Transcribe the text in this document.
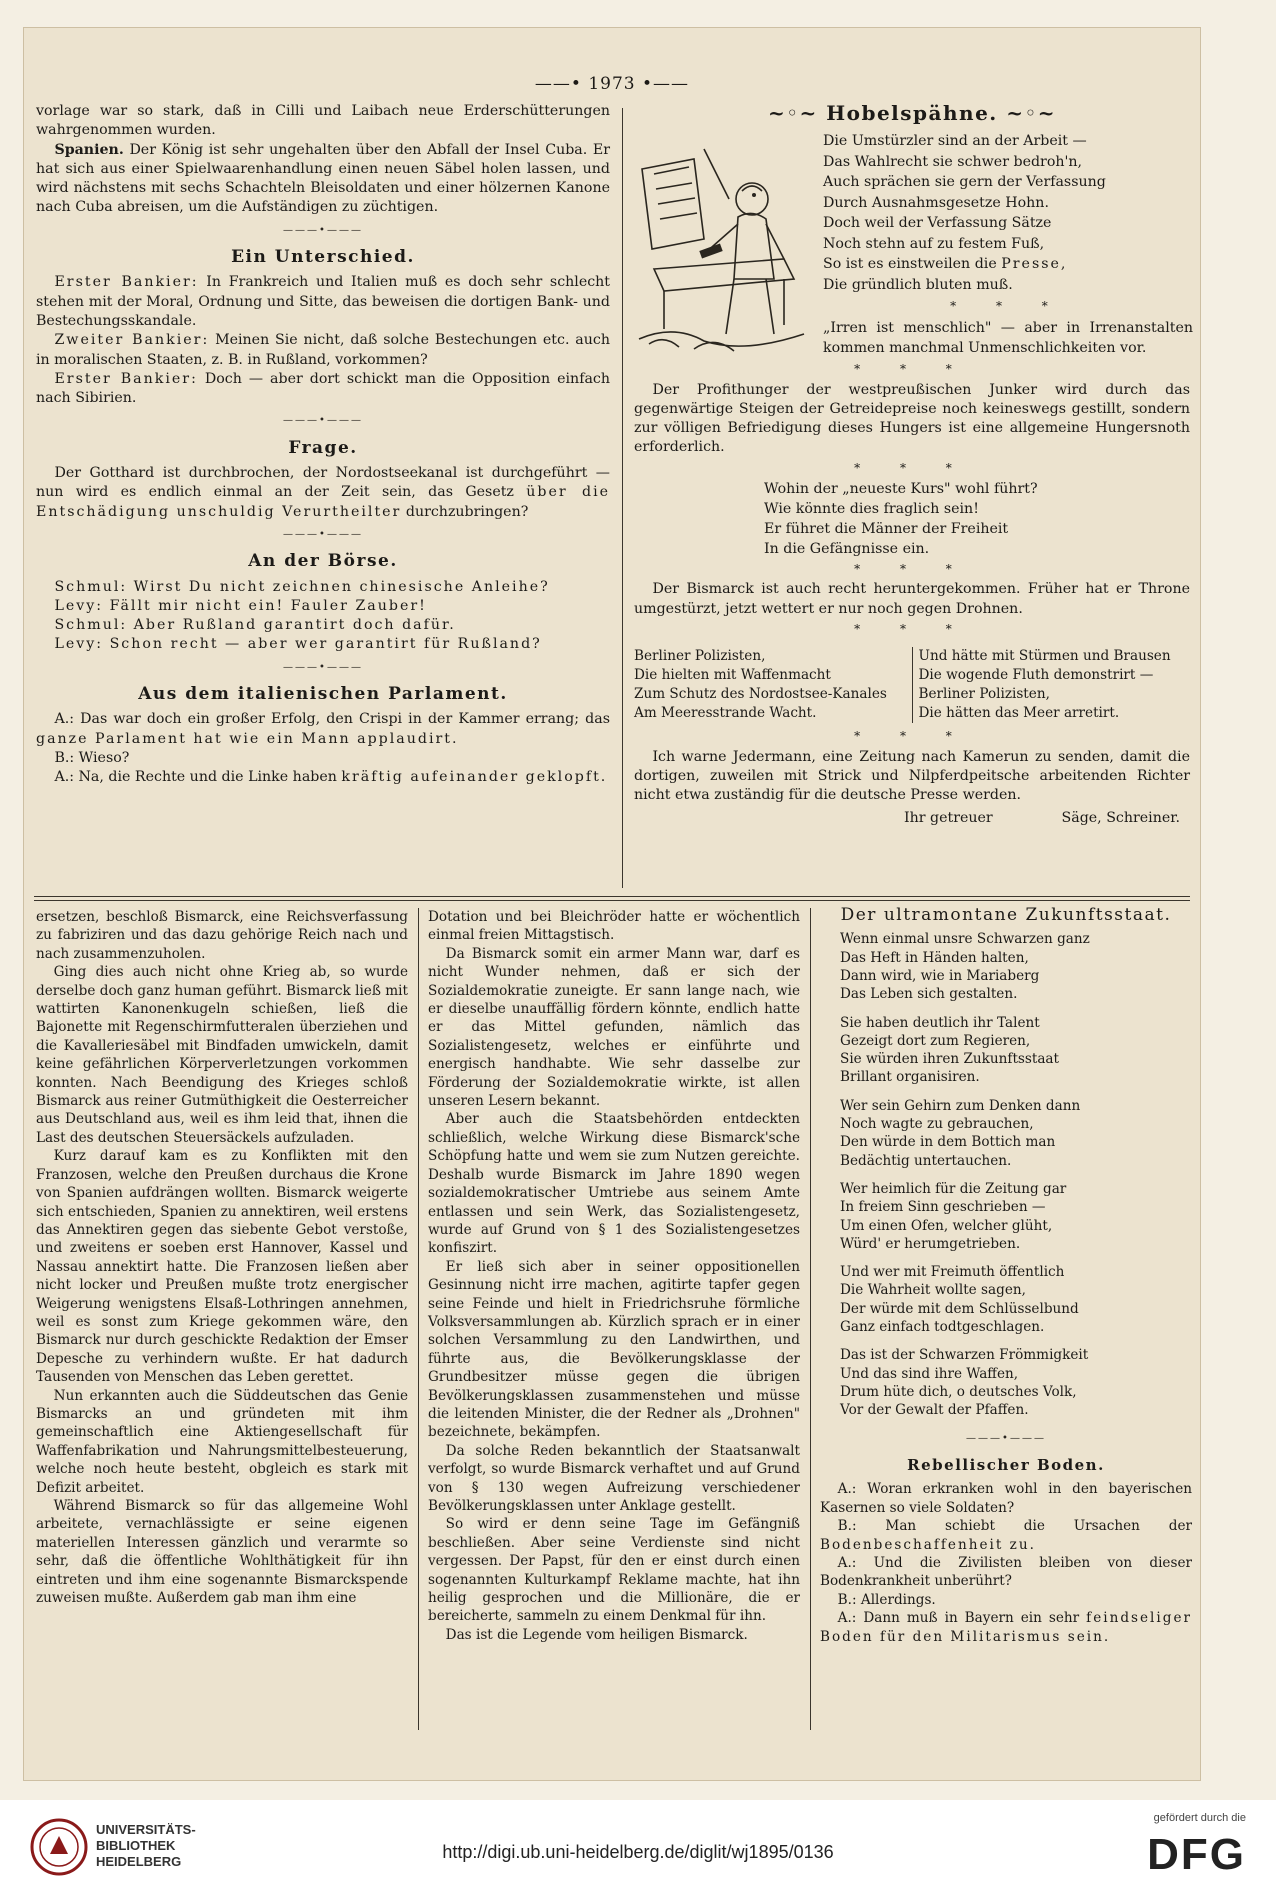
——• 1973 •——

vorlage war so stark, daß in Cilli und Laibach neue Erderschütterungen wahrgenommen wurden.

Spanien. Der König ist sehr ungehalten über den Abfall der Insel Cuba. Er hat sich aus einer Spielwaarenhandlung einen neuen Säbel holen lassen, und wird nächstens mit sechs Schachteln Bleisoldaten und einer hölzernen Kanone nach Cuba abreisen, um die Aufständigen zu züchtigen.

———•———
Ein Unterschied.

Erster Bankier: In Frankreich und Italien muß es doch sehr schlecht stehen mit der Moral, Ordnung und Sitte, das beweisen die dortigen Bank- und Bestechungsskandale.

Zweiter Bankier: Meinen Sie nicht, daß solche Bestechungen etc. auch in moralischen Staaten, z. B. in Rußland, vorkommen?

Erster Bankier: Doch — aber dort schickt man die Opposition einfach nach Sibirien.

———•———
Frage.

Der Gotthard ist durchbrochen, der Nordostseekanal ist durchgeführt — nun wird es endlich einmal an der Zeit sein, das Gesetz über die Entschädigung unschuldig Verurtheilter durchzubringen?

———•———
An der Börse.

Schmul: Wirst Du nicht zeichnen chinesische Anleihe?

Levy: Fällt mir nicht ein! Fauler Zauber!

Schmul: Aber Rußland garantirt doch dafür.

Levy: Schon recht — aber wer garantirt für Rußland?

———•———
Aus dem italienischen Parlament.

A.: Das war doch ein großer Erfolg, den Crispi in der Kammer errang; das ganze Parlament hat wie ein Mann applaudirt.

B.: Wieso?

A.: Na, die Rechte und die Linke haben kräftig aufeinander geklopft.

~◦~ Hobelspähne. ~◦~
Die Umstürzler sind an der Arbeit —
Das Wahlrecht sie schwer bedroh'n,
Auch sprächen sie gern der Verfassung
Durch Ausnahmsgesetze Hohn.
Doch weil der Verfassung Sätze
Noch stehn auf zu festem Fuß,
So ist es einstweilen die Presse,
Die gründlich bluten muß.
* * *
„Irren ist menschlich" — aber in Irrenanstalten kommen manchmal Unmenschlichkeiten vor.
* * *

Der Profithunger der westpreußischen Junker wird durch das gegenwärtige Steigen der Getreidepreise noch keineswegs gestillt, sondern zur völligen Befriedigung dieses Hungers ist eine allgemeine Hungersnoth erforderlich.

* * *
Wohin der „neueste Kurs" wohl führt?
Wie könnte dies fraglich sein!
Er führet die Männer der Freiheit
In die Gefängnisse ein.
* * *

Der Bismarck ist auch recht heruntergekommen. Früher hat er Throne umgestürzt, jetzt wettert er nur noch gegen Drohnen.

* * *
Berliner Polizisten,
Die hielten mit Waffenmacht
Zum Schutz des Nordostsee-Kanales
Am Meeresstrande Wacht.
Und hätte mit Stürmen und Brausen
Die wogende Fluth demonstrirt —
Berliner Polizisten,
Die hätten das Meer arretirt.
* * *

Ich warne Jedermann, eine Zeitung nach Kamerun zu senden, damit die dortigen, zuweilen mit Strick und Nilpferdpeitsche arbeitenden Richter nicht etwa zuständig für die deutsche Presse werden.

Ihr getreuer	Säge, Schreiner.

ersetzen, beschloß Bismarck, eine Reichsverfassung zu fabriziren und das dazu gehörige Reich nach und nach zusammenzuholen.

Ging dies auch nicht ohne Krieg ab, so wurde derselbe doch ganz human geführt. Bismarck ließ mit wattirten Kanonenkugeln schießen, ließ die Bajonette mit Regenschirmfutteralen überziehen und die Kavalleriesäbel mit Bindfaden umwickeln, damit keine gefährlichen Körperverletzungen vorkommen konnten. Nach Beendigung des Krieges schloß Bismarck aus reiner Gutmüthigkeit die Oesterreicher aus Deutschland aus, weil es ihm leid that, ihnen die Last des deutschen Steuersäckels aufzuladen.

Kurz darauf kam es zu Konflikten mit den Franzosen, welche den Preußen durchaus die Krone von Spanien aufdrängen wollten. Bismarck weigerte sich entschieden, Spanien zu annektiren, weil erstens das Annektiren gegen das siebente Gebot verstoße, und zweitens er soeben erst Hannover, Kassel und Nassau annektirt hatte. Die Franzosen ließen aber nicht locker und Preußen mußte trotz energischer Weigerung wenigstens Elsaß-Lothringen annehmen, weil es sonst zum Kriege gekommen wäre, den Bismarck nur durch geschickte Redaktion der Emser Depesche zu verhindern wußte. Er hat dadurch Tausenden von Menschen das Leben gerettet.

Nun erkannten auch die Süddeutschen das Genie Bismarcks an und gründeten mit ihm gemeinschaftlich eine Aktiengesellschaft für Waffenfabrikation und Nahrungsmittelbesteuerung, welche noch heute besteht, obgleich es stark mit Defizit arbeitet.

Während Bismarck so für das allgemeine Wohl arbeitete, vernachlässigte er seine eigenen materiellen Interessen gänzlich und verarmte so sehr, daß die öffentliche Wohlthätigkeit für ihn eintreten und ihm eine sogenannte Bismarckspende zuweisen mußte. Außerdem gab man ihm eine

Dotation und bei Bleichröder hatte er wöchentlich einmal freien Mittagstisch.

Da Bismarck somit ein armer Mann war, darf es nicht Wunder nehmen, daß er sich der Sozialdemokratie zuneigte. Er sann lange nach, wie er dieselbe unauffällig fördern könnte, endlich hatte er das Mittel gefunden, nämlich das Sozialistengesetz, welches er einführte und energisch handhabte. Wie sehr dasselbe zur Förderung der Sozialdemokratie wirkte, ist allen unseren Lesern bekannt.

Aber auch die Staatsbehörden entdeckten schließlich, welche Wirkung diese Bismarck'sche Schöpfung hatte und wem sie zum Nutzen gereichte. Deshalb wurde Bismarck im Jahre 1890 wegen sozialdemokratischer Umtriebe aus seinem Amte entlassen und sein Werk, das Sozialistengesetz, wurde auf Grund von § 1 des Sozialistengesetzes konfiszirt.

Er ließ sich aber in seiner oppositionellen Gesinnung nicht irre machen, agitirte tapfer gegen seine Feinde und hielt in Friedrichsruhe förmliche Volksversammlungen ab. Kürzlich sprach er in einer solchen Versammlung zu den Landwirthen, und führte aus, die Bevölkerungsklasse der Grundbesitzer müsse gegen die übrigen Bevölkerungsklassen zusammenstehen und müsse die leitenden Minister, die der Redner als „Drohnen" bezeichnete, bekämpfen.

Da solche Reden bekanntlich der Staatsanwalt verfolgt, so wurde Bismarck verhaftet und auf Grund von § 130 wegen Aufreizung verschiedener Bevölkerungsklassen unter Anklage gestellt.

So wird er denn seine Tage im Gefängniß beschließen. Aber seine Verdienste sind nicht vergessen. Der Papst, für den er einst durch einen sogenannten Kulturkampf Reklame machte, hat ihn heilig gesprochen und die Millionäre, die er bereicherte, sammeln zu einem Denkmal für ihn.

Das ist die Legende vom heiligen Bismarck.

Der ultramontane Zukunftsstaat.
Wenn einmal unsre Schwarzen ganz
Das Heft in Händen halten,
Dann wird, wie in Mariaberg
Das Leben sich gestalten.
Sie haben deutlich ihr Talent
Gezeigt dort zum Regieren,
Sie würden ihren Zukunftsstaat
Brillant organisiren.
Wer sein Gehirn zum Denken dann
Noch wagte zu gebrauchen,
Den würde in dem Bottich man
Bedächtig untertauchen.
Wer heimlich für die Zeitung gar
In freiem Sinn geschrieben —
Um einen Ofen, welcher glüht,
Würd' er herumgetrieben.
Und wer mit Freimuth öffentlich
Die Wahrheit wollte sagen,
Der würde mit dem Schlüsselbund
Ganz einfach todtgeschlagen.
Das ist der Schwarzen Frömmigkeit
Und das sind ihre Waffen,
Drum hüte dich, o deutsches Volk,
Vor der Gewalt der Pfaffen.
———•———
Rebellischer Boden.

A.: Woran erkranken wohl in den bayerischen Kasernen so viele Soldaten?

B.: Man schiebt die Ursachen der Bodenbeschaffenheit zu.

A.: Und die Zivilisten bleiben von dieser Bodenkrankheit unberührt?

B.: Allerdings.

A.: Dann muß in Bayern ein sehr feindseliger Boden für den Militarismus sein.

UNIVERSITÄTS-
BIBLIOTHEK
HEIDELBERG	http://digi.ub.uni-heidelberg.de/diglit/wj1895/0136
gefördert durch die
DFG
